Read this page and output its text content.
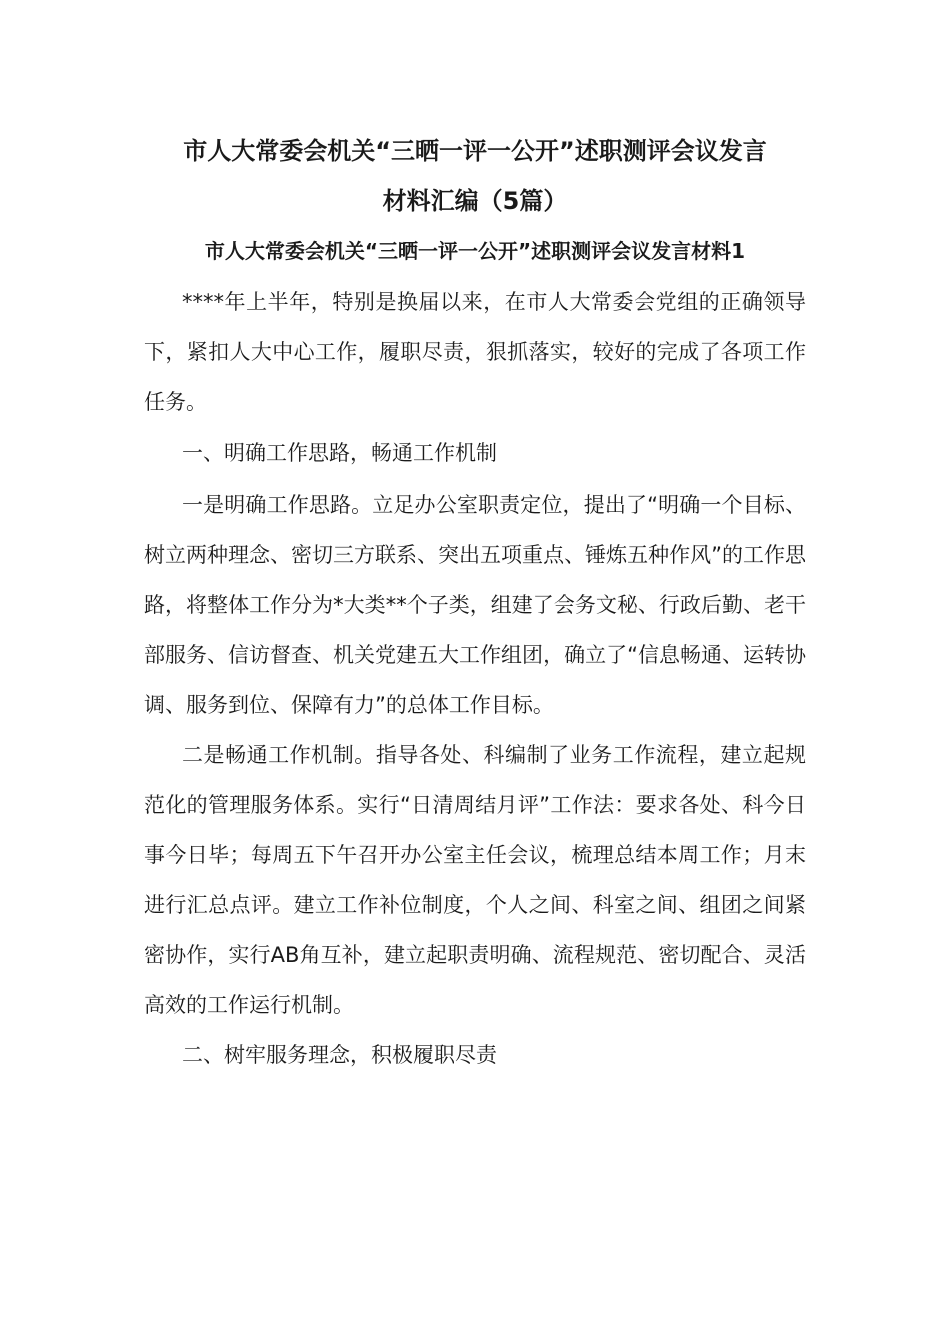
市人大常委会机关“三晒一评一公开”述职测评会议发言
材料汇编（5篇）
市人大常委会机关“三晒一评一公开”述职测评会议发言材料1

****年上半年，特别是换届以来，在市人大常委会党组的正确领导下，紧扣人大中心工作，履职尽责，狠抓落实，较好的完成了各项工作任务。

一、明确工作思路，畅通工作机制

一是明确工作思路。立足办公室职责定位，提出了“明确一个目标、树立两种理念、密切三方联系、突出五项重点、锤炼五种作风”的工作思路，将整体工作分为*大类**个子类，组建了会务文秘、行政后勤、老干部服务、信访督查、机关党建五大工作组团，确立了“信息畅通、运转协调、服务到位、保障有力”的总体工作目标。

二是畅通工作机制。指导各处、科编制了业务工作流程，建立起规范化的管理服务体系。实行“日清周结月评”工作法：要求各处、科今日事今日毕；每周五下午召开办公室主任会议，梳理总结本周工作；月末进行汇总点评。建立工作补位制度，个人之间、科室之间、组团之间紧密协作，实行AB角互补，建立起职责明确、流程规范、密切配合、灵活高效的工作运行机制。

二、树牢服务理念，积极履职尽责
